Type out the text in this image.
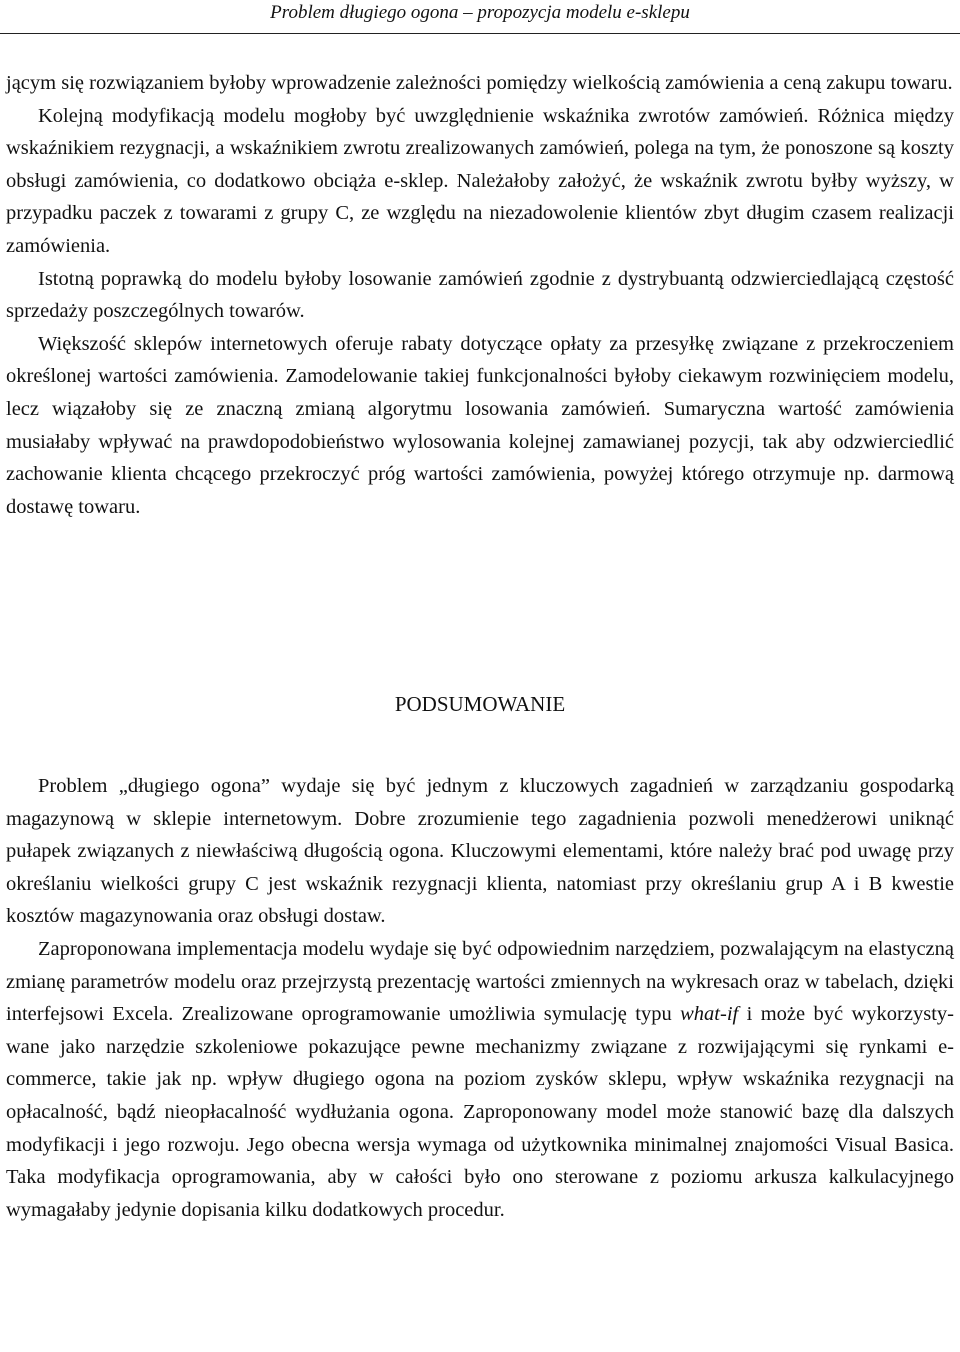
Problem długiego ogona – propozycja modelu e-sklepu

jącym się rozwiązaniem byłoby wprowadzenie zależności pomiędzy wielkością zamówienia a ceną zakupu towaru.

Kolejną modyfikacją modelu mogłoby być uwzględnienie wskaźnika zwrotów zamówień. Różnica między wskaźnikiem rezygnacji, a wskaźnikiem zwrotu zrealizowanych zamówień, polega na tym, że ponoszone są koszty obsługi zamówienia, co dodatkowo obciąża e-sklep. Należałoby założyć, że wskaźnik zwrotu byłby wyższy, w przypadku paczek z towarami z grupy C, ze względu na niezadowolenie klientów zbyt długim czasem realizacji zamówienia.

Istotną poprawką do modelu byłoby losowanie zamówień zgodnie z dystrybuantą odzwierciedlającą częstość sprzedaży poszczególnych towarów.

Większość sklepów internetowych oferuje rabaty dotyczące opłaty za przesyłkę związane z przekroczeniem określonej wartości zamówienia. Zamodelowanie takiej funkcjonalności byłoby ciekawym rozwinięciem modelu, lecz wiązałoby się ze znaczną zmianą algorytmu losowania zamówień. Sumaryczna wartość zamówienia musiałaby wpływać na prawdopodobieństwo wylosowania kolejnej zamawianej pozycji, tak aby odzwierciedlić zachowanie klienta chcącego przekroczyć próg wartości zamówienia, powyżej którego otrzymuje np. darmową dostawę towaru.

PODSUMOWANIE

Problem „długiego ogona” wydaje się być jednym z kluczowych zagadnień w zarządzaniu gospodarką magazynową w sklepie internetowym. Dobre zrozumienie tego zagadnienia pozwoli menedżerowi uniknąć pułapek związanych z niewłaściwą długością ogona. Kluczowymi elementami, które należy brać pod uwagę przy określaniu wielkości grupy C jest wskaźnik rezygnacji klienta, natomiast przy określaniu grup A i B kwestie kosztów magazynowania oraz obsługi dostaw.

Zaproponowana implementacja modelu wydaje się być odpowiednim narzędziem, pozwalającym na elastyczną zmianę parametrów modelu oraz przejrzystą prezentację wartości zmiennych na wykresach oraz w tabelach, dzięki interfejsowi Excela. Zrealizowane oprogramowanie umożliwia symulację typu what-if i może być wykorzystywane jako narzędzie szkoleniowe pokazujące pewne mechanizmy związane z rozwijającymi się rynkami e-commerce, takie jak np. wpływ długiego ogona na poziom zysków sklepu, wpływ wskaźnika rezygnacji na opłacalność, bądź nieopłacalność wydłużania ogona. Zaproponowany model może stanowić bazę dla dalszych modyfikacji i jego rozwoju. Jego obecna wersja wymaga od użytkownika minimalnej znajomości Visual Basica. Taka modyfikacja oprogramowania, aby w całości było ono sterowane z poziomu arkusza kalkulacyjnego wymagałaby jedynie dopisania kilku dodatkowych procedur.
